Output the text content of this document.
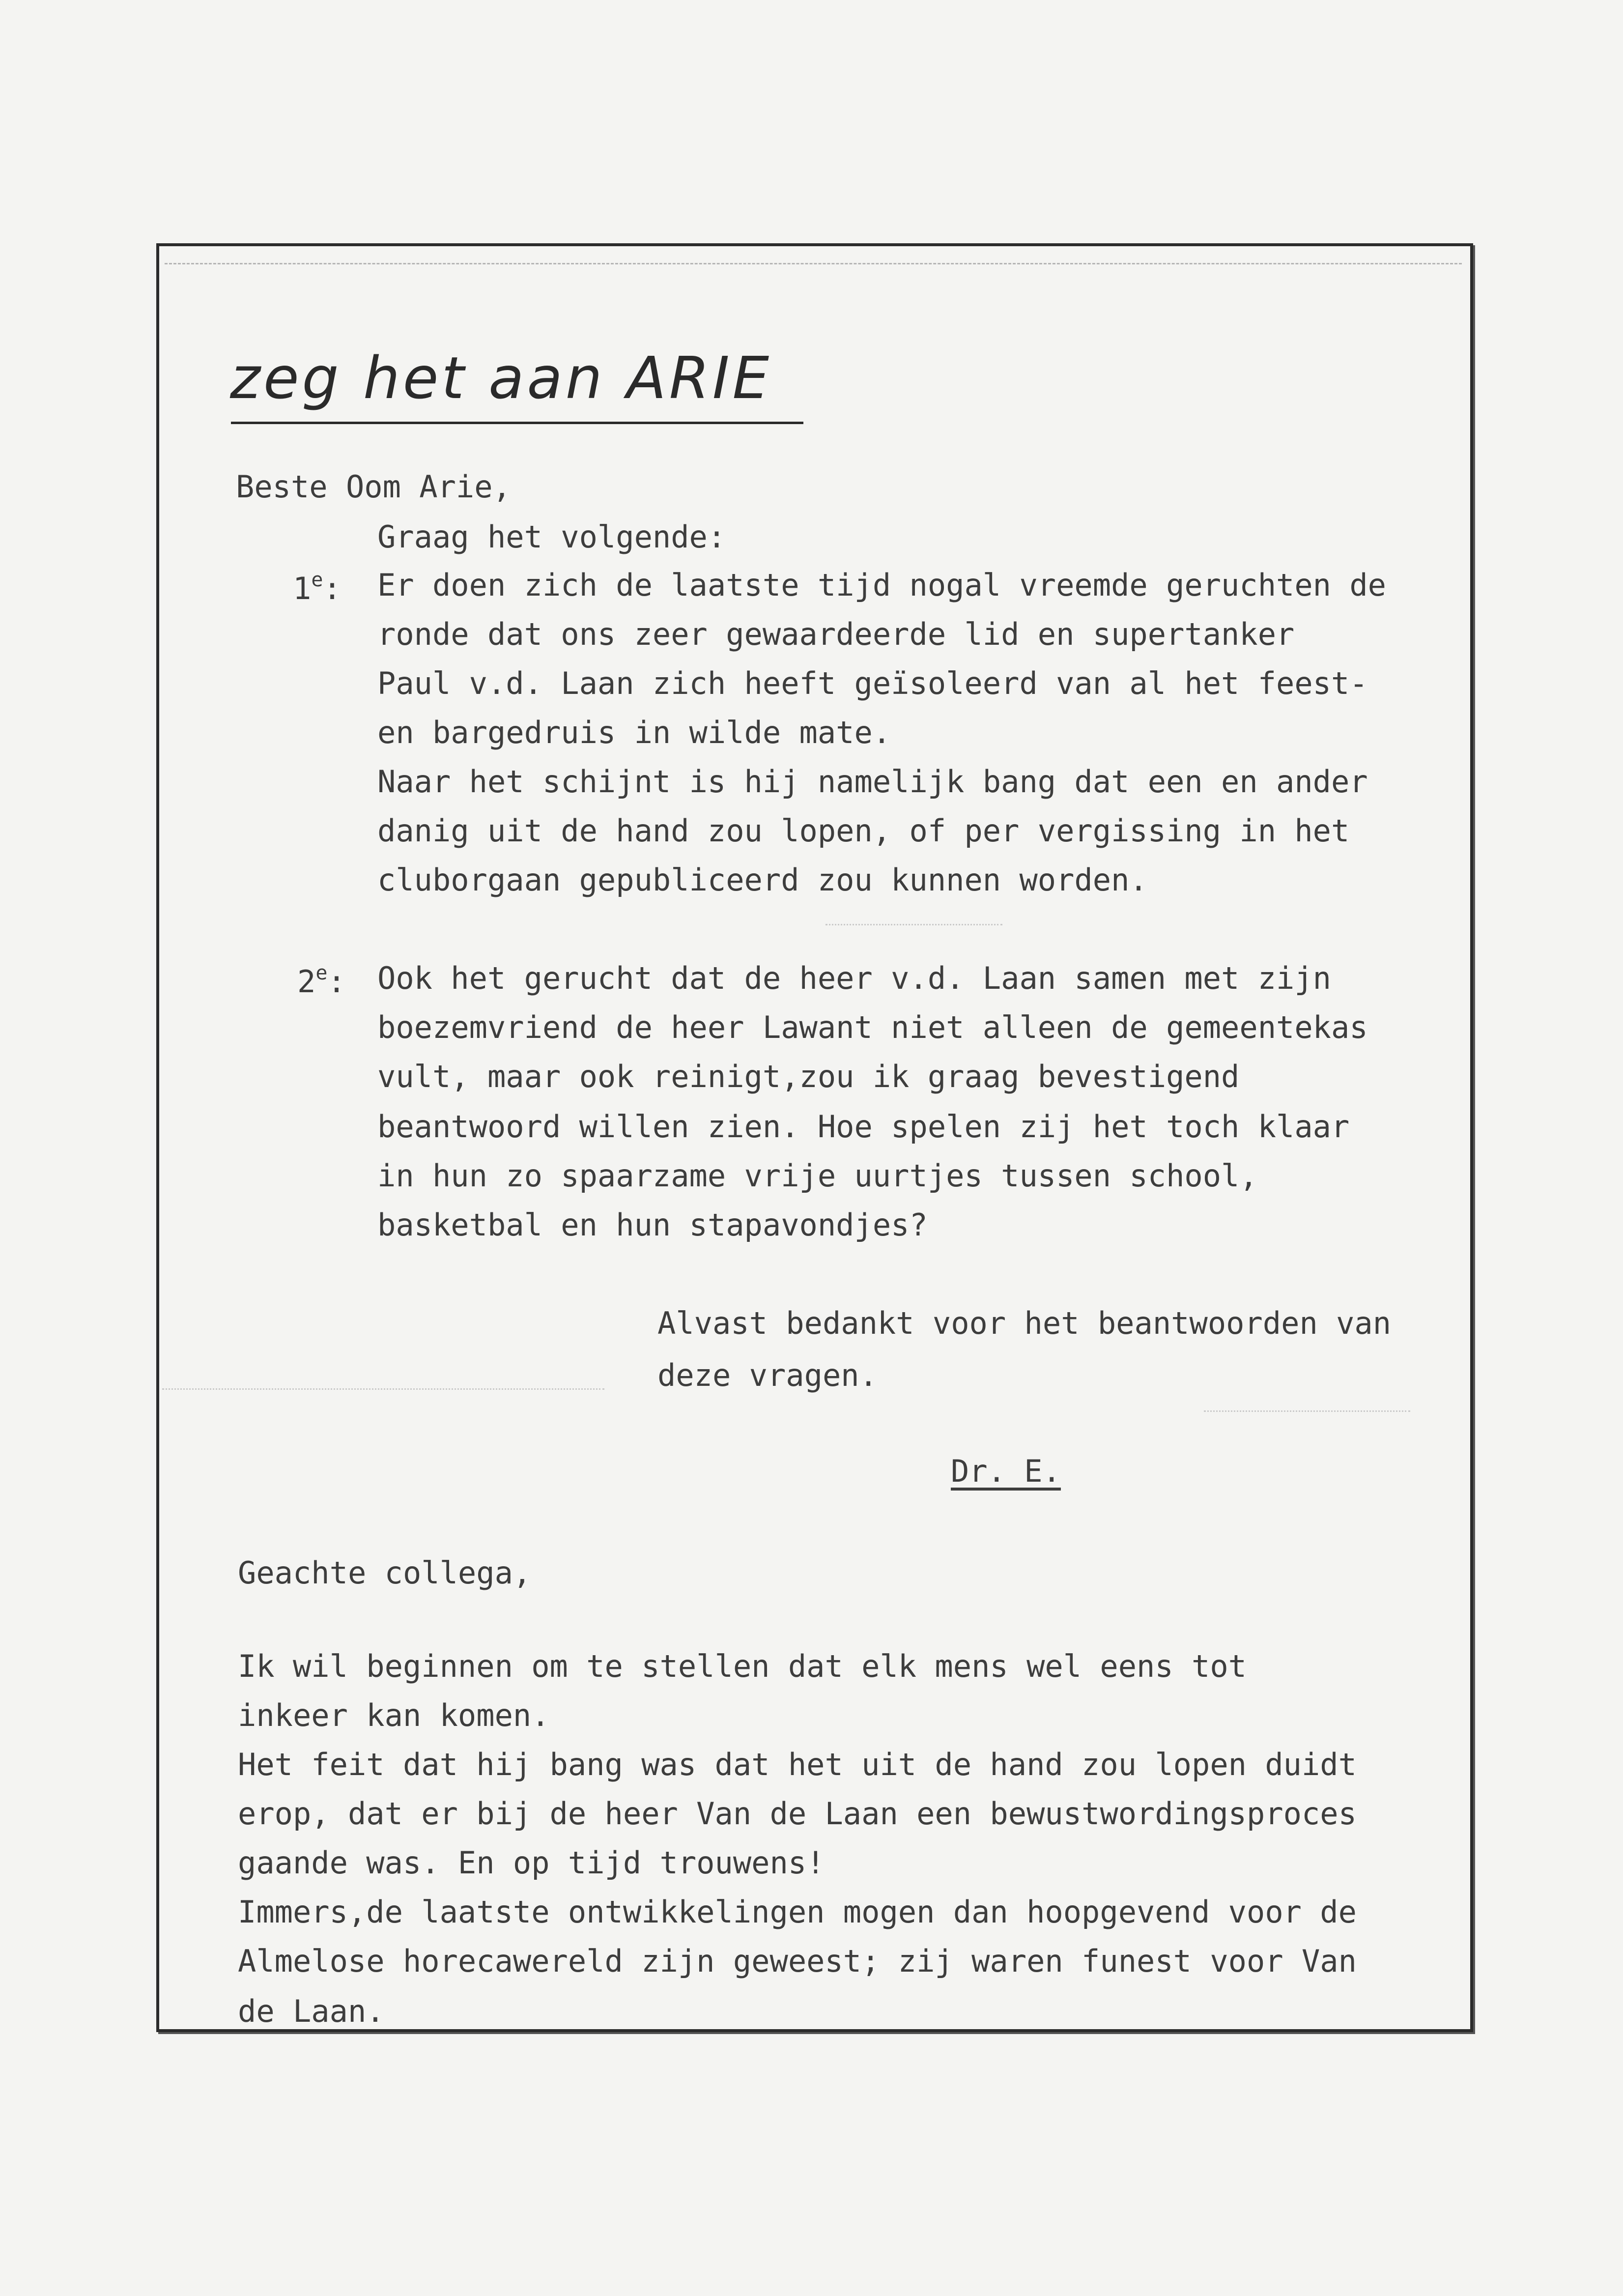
zeg het aan ARIE
Beste Oom Arie,
Graag het volgende:
1e: Er doen zich de laatste tijd nogal vreemde geruchten de
ronde dat ons zeer gewaardeerde lid en supertanker
Paul v.d. Laan zich heeft geïsoleerd van al het feest-
en bargedruis in wilde mate.
Naar het schijnt is hij namelijk bang dat een en ander
danig uit de hand zou lopen, of per vergissing in het
cluborgaan gepubliceerd zou kunnen worden.
2e: Ook het gerucht dat de heer v.d. Laan samen met zijn
boezemvriend de heer Lawant niet alleen de gemeentekas
vult, maar ook reinigt,zou ik graag bevestigend
beantwoord willen zien. Hoe spelen zij het toch klaar
in hun zo spaarzame vrije uurtjes tussen school,
basketbal en hun stapavondjes?
Alvast bedankt voor het beantwoorden van
deze vragen.
Dr. E.
Geachte collega,
Ik wil beginnen om te stellen dat elk mens wel eens tot
inkeer kan komen.
Het feit dat hij bang was dat het uit de hand zou lopen duidt
erop, dat er bij de heer Van de Laan een bewustwordingsproces
gaande was. En op tijd trouwens!
Immers,de laatste ontwikkelingen mogen dan hoopgevend voor de
Almelose horecawereld zijn geweest; zij waren funest voor Van
de Laan.
